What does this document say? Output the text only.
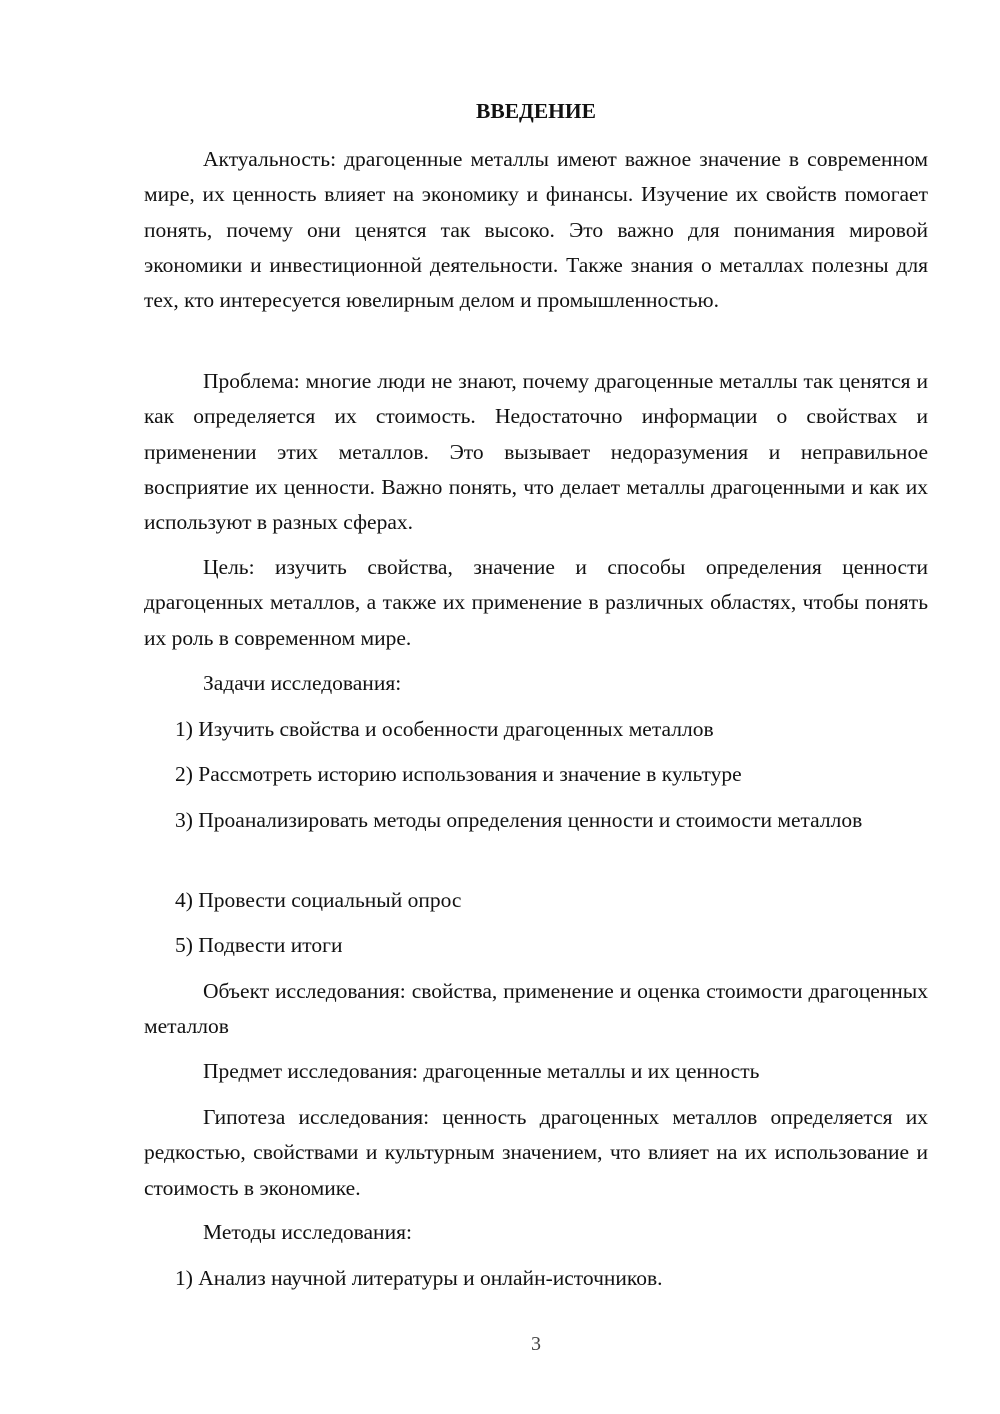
ВВЕДЕНИЕ

Актуальность: драгоценные металлы имеют важное значение в современном мире, их ценность влияет на экономику и финансы. Изучение их свойств помогает понять, почему они ценятся так высоко. Это важно для понимания мировой экономики и инвестиционной деятельности. Также знания о металлах полезны для тех, кто интересуется ювелирным делом и промышленностью.

Проблема: многие люди не знают, почему драгоценные металлы так ценятся и как определяется их стоимость. Недостаточно информации о свойствах и применении этих металлов. Это вызывает недоразумения и неправильное восприятие их ценности. Важно понять, что делает металлы драгоценными и как их используют в разных сферах.

Цель: изучить свойства, значение и способы определения ценности драгоценных металлов, а также их применение в различных областях, чтобы понять их роль в современном мире.

Задачи исследования:

1) Изучить свойства и особенности драгоценных металлов

2) Рассмотреть историю использования и значение в культуре

3) Проанализировать методы определения ценности и стоимости металлов

4) Провести социальный опрос

5) Подвести итоги

Объект исследования: свойства, применение и оценка стоимости драгоценных металлов

Предмет исследования: драгоценные металлы и их ценность

Гипотеза исследования: ценность драгоценных металлов определяется их редкостью, свойствами и культурным значением, что влияет на их использование и стоимость в экономике.

Методы исследования:

1) Анализ научной литературы и онлайн-источников.

3
